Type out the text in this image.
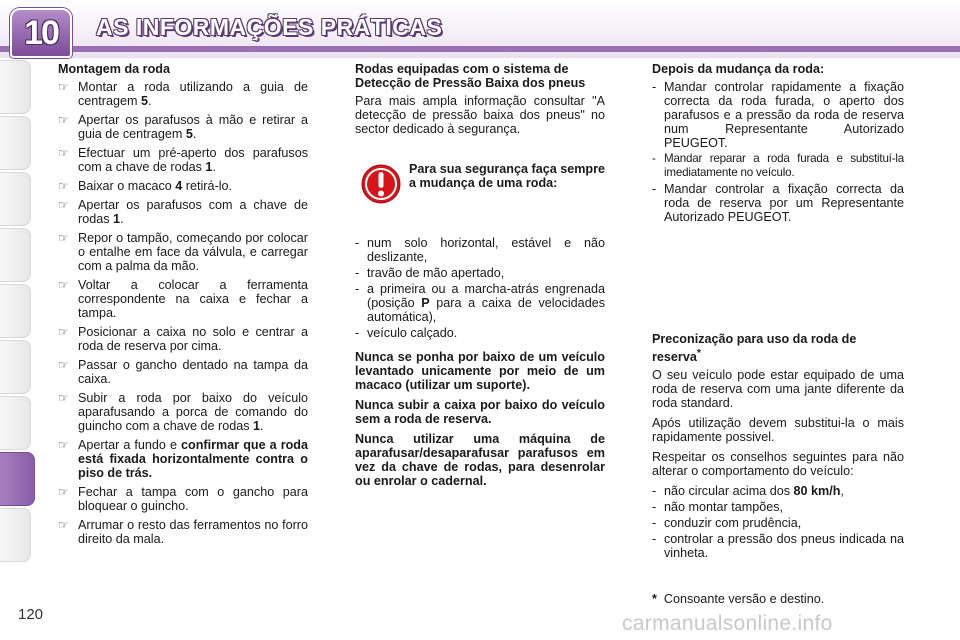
10	AS INFORMAÇÕES PRÁTICAS
Montagem da roda
☞ Montar a roda utilizando a guia de centragem 5.
☞ Apertar os parafusos à mão e retirar a guia de centragem 5.
☞ Efectuar um pré-aperto dos parafusos com a chave de rodas 1.
☞ Baixar o macaco 4 retirá-lo.
☞ Apertar os parafusos com a chave de rodas 1.
☞ Repor o tampão, começando por colocar o entalhe em face da válvula, e carregar com a palma da mão.
☞ Voltar a colocar a ferramenta correspondente na caixa e fechar a tampa.
☞ Posicionar a caixa no solo e centrar a roda de reserva por cima.
☞ Passar o gancho dentado na tampa da caixa.
☞ Subir a roda por baixo do veículo aparafusando a porca de comando do guincho com a chave de rodas 1.
☞ Apertar a fundo e confirmar que a roda está fixada horizontalmente contra o piso de trás.
☞ Fechar a tampa com o gancho para bloquear o guincho.
☞ Arrumar o resto das ferramentos no forro direito da mala.
Rodas equipadas com o sistema de Detecção de Pressão Baixa dos pneus

Para mais ampla informação consultar "A detecção de pressão baixa dos pneus" no sector dedicado à segurança.

Para sua segurança faça sempre a mudança de uma roda:
- num solo horizontal, estável e não deslizante,
- travão de mão apertado,
- a primeira ou a marcha-atrás engrenada (posição P para a caixa de velocidades automática),
- veículo calçado.

Nunca se ponha por baixo de um veículo levantado unicamente por meio de um macaco (utilizar um suporte).

Nunca subir a caixa por baixo do veículo sem a roda de reserva.

Nunca utilizar uma máquina de aparafusar/desaparafusar parafusos em vez da chave de rodas, para desenrolar ou enrolar o cadernal.

Depois da mudança da roda:
- Mandar controlar rapidamente a fixação correcta da roda furada, o aperto dos parafusos e a pressão da roda de reserva num Representante Autorizado PEUGEOT.
- Mandar reparar a roda furada e substituí-la imediatamente no veículo.
- Mandar controlar a fixação correcta da roda de reserva por um Representante Autorizado PEUGEOT.
Preconização para uso da roda de reserva*

O seu veículo pode estar equipado de uma roda de reserva com uma jante diferente da roda standard.

Após utilização devem substitui-la o mais rapidamente possivel.

Respeitar os conselhos seguintes para não alterar o comportamento do veículo:

- não circular acima dos 80 km/h,
- não montar tampões,
- conduzir com prudência,
- controlar a pressão dos pneus indicada na vinheta.
* Consoante versão e destino.
120	carmanualsonline.info
